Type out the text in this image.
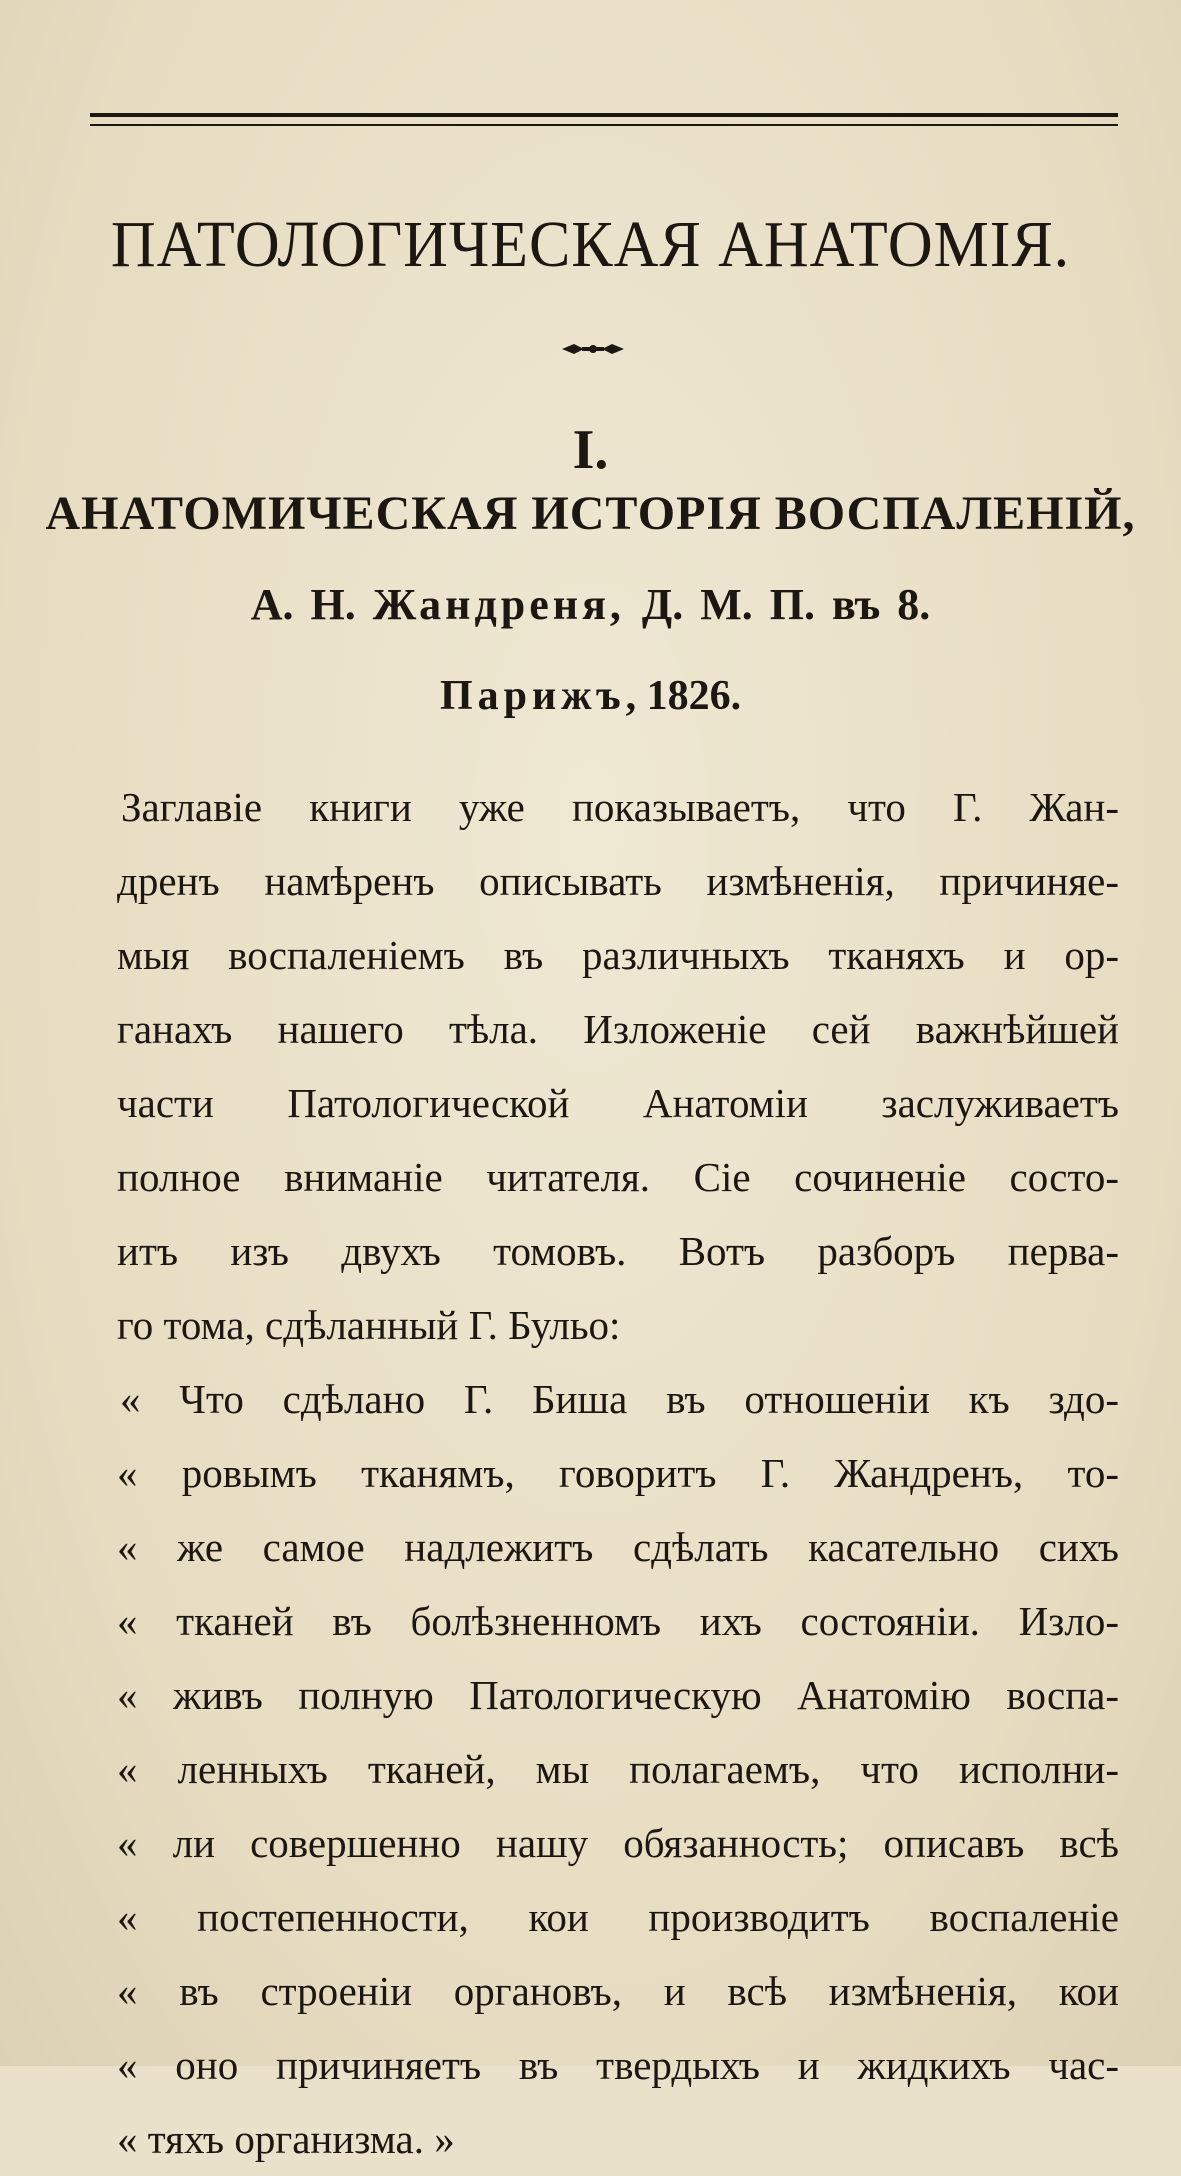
ПАТОЛОГИЧЕСКАЯ АНАТОМІЯ.
I.
АНАТОМИЧЕСКАЯ ИСТОРІЯ ВОСПАЛЕНІЙ,
А. Н. Жандреня, Д. М. П. въ 8.
Парижъ, 1826.
Заглавіе книги уже показываетъ, что Г. Жан-
дренъ намѣренъ описывать измѣненія, причиняе-
мыя воспаленіемъ въ различныхъ тканяхъ и ор-
ганахъ нашего тѣла. Изложеніе сей важнѣйшей
части Патологической Анатоміи заслуживаетъ
полное вниманіе читателя. Сіе сочиненіе состо-
итъ изъ двухъ томовъ. Вотъ разборъ перва-
го тома, сдѣланный Г. Бульо:
« Что сдѣлано Г. Биша въ отношеніи къ здо-
« ровымъ тканямъ, говоритъ Г. Жандренъ, то-
« же самое надлежитъ сдѣлать касательно сихъ
« тканей въ болѣзненномъ ихъ состояніи. Изло-
« живъ полную Патологическую Анатомію воспа-
« ленныхъ тканей, мы полагаемъ, что исполни-
« ли совершенно нашу обязанность; описавъ всѣ
« постепенности, кои производитъ воспаленіе
« въ строеніи органовъ, и всѣ измѣненія, кои
« оно причиняетъ въ твердыхъ и жидкихъ час-
« тяхъ организма. »
